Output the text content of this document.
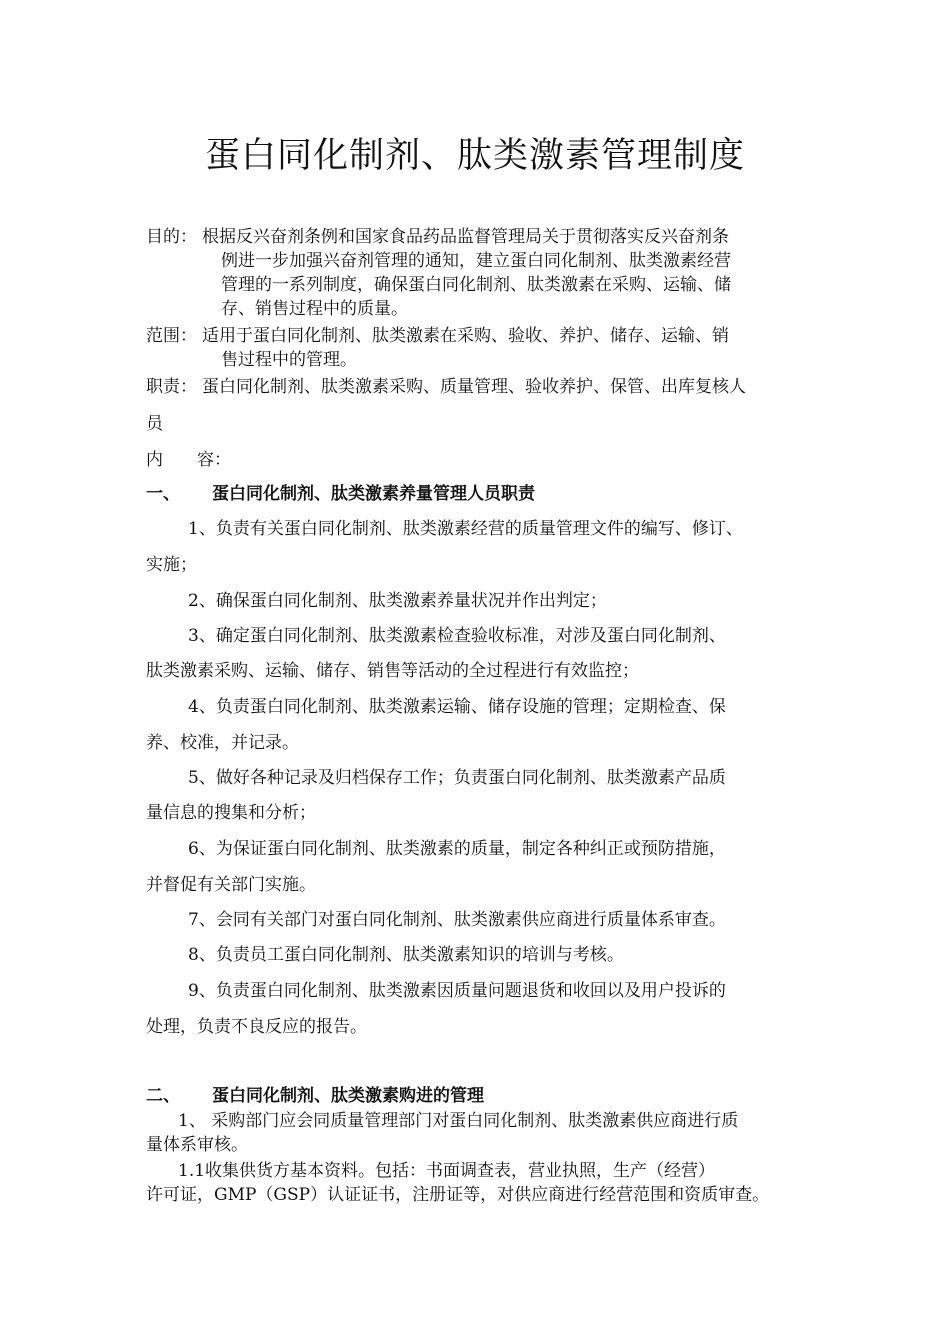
蛋白同化制剂、肽类激素管理制度
目的： 根据反兴奋剂条例和国家食品药品监督管理局关于贯彻落实反兴奋剂条
例进一步加强兴奋剂管理的通知，建立蛋白同化制剂、肽类激素经营
管理的一系列制度，确保蛋白同化制剂、肽类激素在采购、运输、储
存、销售过程中的质量。
范围： 适用于蛋白同化制剂、肽类激素在采购、验收、养护、储存、运输、销
售过程中的管理。
职责： 蛋白同化制剂、肽类激素采购、质量管理、验收养护、保管、出库复核人
员
内　　容：
一、 蛋白同化制剂、肽类激素养量管理人员职责
1、负责有关蛋白同化制剂、肽类激素经营的质量管理文件的编写、修订、
实施；
2、确保蛋白同化制剂、肽类激素养量状况并作出判定；
3、确定蛋白同化制剂、肽类激素检查验收标准，对涉及蛋白同化制剂、
肽类激素采购、运输、储存、销售等活动的全过程进行有效监控；
4、负责蛋白同化制剂、肽类激素运输、储存设施的管理；定期检查、保
养、校准，并记录。
5、做好各种记录及归档保存工作；负责蛋白同化制剂、肽类激素产品质
量信息的搜集和分析；
6、为保证蛋白同化制剂、肽类激素的质量，制定各种纠正或预防措施，
并督促有关部门实施。
7、会同有关部门对蛋白同化制剂、肽类激素供应商进行质量体系审查。
8、负责员工蛋白同化制剂、肽类激素知识的培训与考核。
9、负责蛋白同化制剂、肽类激素因质量问题退货和收回以及用户投诉的
处理，负责不良反应的报告。
二、 蛋白同化制剂、肽类激素购进的管理
1、 采购部门应会同质量管理部门对蛋白同化制剂、肽类激素供应商进行质
量体系审核。
1.1收集供货方基本资料。包括：书面调查表，营业执照，生产（经营）
许可证，GMP（GSP）认证证书，注册证等，对供应商进行经营范围和资质审查。
